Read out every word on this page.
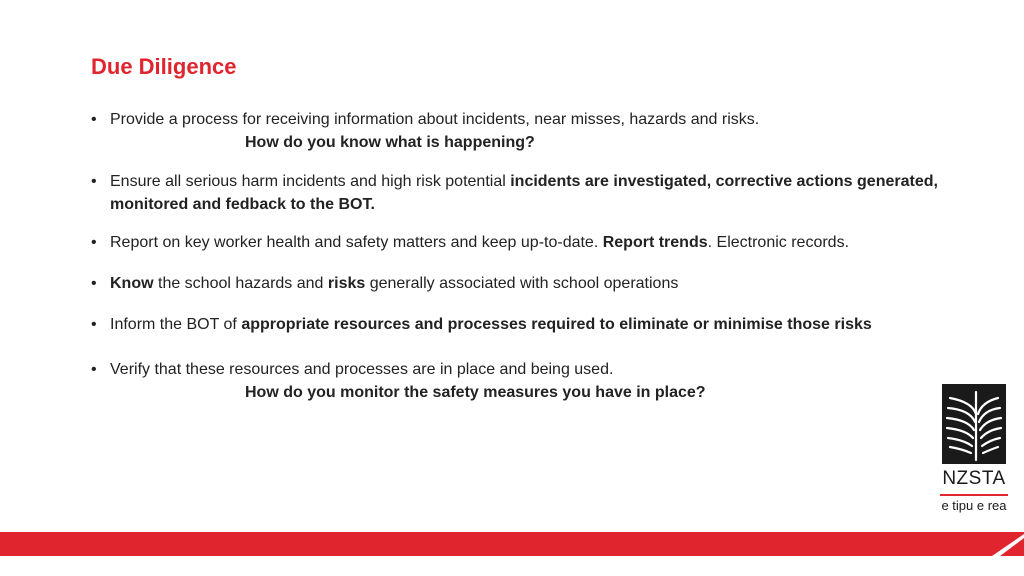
Due Diligence
• Provide a process for receiving information about incidents, near misses, hazards and risks.
How do you know what is happening?
• Ensure all serious harm incidents and high risk potential incidents are investigated, corrective actions generated, monitored and fedback to the BOT.
• Report on key worker health and safety matters and keep up-to-date. Report trends. Electronic records.
• Know the school hazards and risks generally associated with school operations
• Inform the BOT of appropriate resources and processes required to eliminate or minimise those risks
• Verify that these resources and processes are in place and being used.
How do you monitor the safety measures you have in place?
NZSTA
e tipu e rea
